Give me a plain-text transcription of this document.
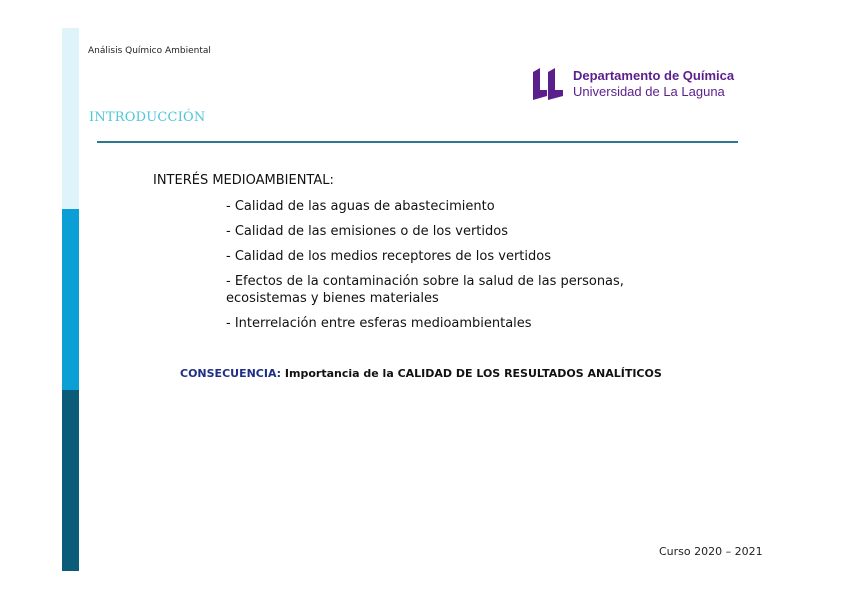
Análisis Químico Ambiental
Departamento de Química
Universidad de La Laguna
INTRODUCCIÓN
INTERÉS MEDIOAMBIENTAL:
- Calidad de las aguas de abastecimiento
- Calidad de las emisiones o de los vertidos
- Calidad de los medios receptores de los vertidos
- Efectos de la contaminación sobre la salud de las personas, ecosistemas y bienes materiales
- Interrelación entre esferas medioambientales
CONSECUENCIA: Importancia de la CALIDAD DE LOS RESULTADOS ANALÍTICOS
Curso 2020 – 2021
